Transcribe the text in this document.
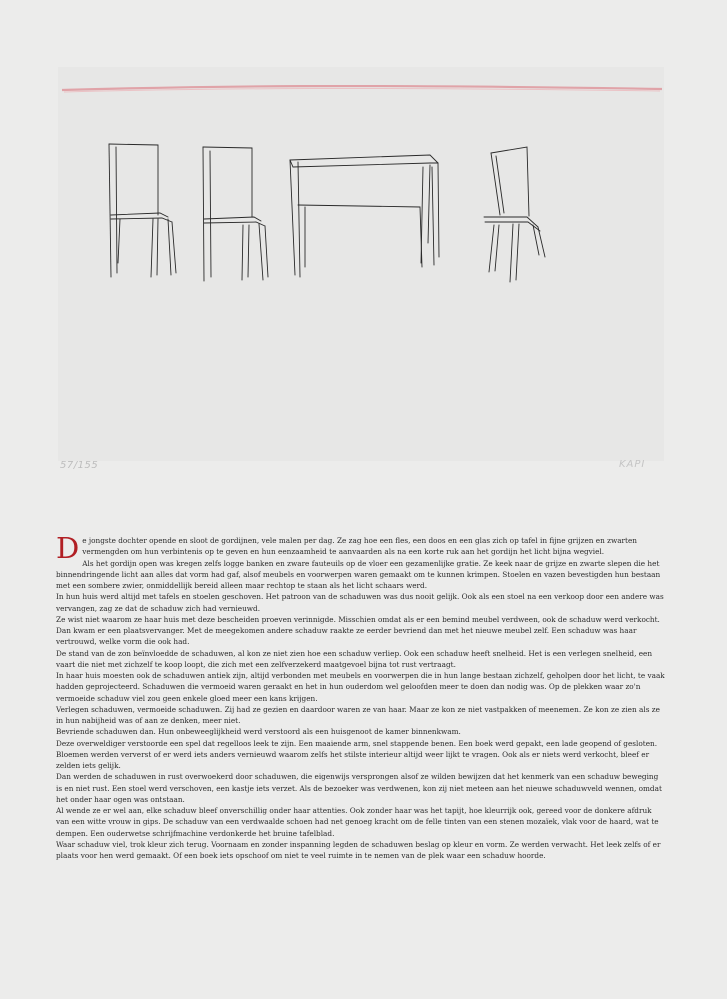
57/155	KAPI
D e jongste dochter opende en sloot de gordijnen, vele malen per dag. Ze zag hoe een fles, een doos en een glas zich op tafel in fijne grijzen en zwarten vermengden om hun verbintenis op te geven en hun eenzaamheid te aanvaarden als na een korte ruk aan het gordijn het licht bijna wegviel.

Als het gordijn open was kregen zelfs logge banken en zware fauteuils op de vloer een gezamenlijke gratie. Ze keek naar de grijze en zwarte slepen die het binnendringende licht aan alles dat vorm had gaf, alsof meubels en voorwerpen waren gemaakt om te kunnen krimpen. Stoelen en vazen bevestigden hun bestaan met een sombere zwier, onmiddellijk bereid alleen maar rechtop te staan als het licht schaars werd.

In hun huis werd altijd met tafels en stoelen geschoven. Het patroon van de schaduwen was dus nooit gelijk. Ook als een stoel na een verkoop door een andere was vervangen, zag ze dat de schaduw zich had vernieuwd.

Ze wist niet waarom ze haar huis met deze bescheiden proeven verinnigde. Misschien omdat als er een bemind meubel verdween, ook de schaduw werd verkocht. Dan kwam er een plaatsvervanger. Met de meegekomen andere schaduw raakte ze eerder bevriend dan met het nieuwe meubel zelf. Een schaduw was haar vertrouwd, welke vorm die ook had.

De stand van de zon beïnvloedde de schaduwen, al kon ze niet zien hoe een schaduw verliep. Ook een schaduw heeft snelheid. Het is een verlegen snelheid, een vaart die niet met zichzelf te koop loopt, die zich met een zelfverzekerd maatgevoel bijna tot rust vertraagt.

In haar huis moesten ook de schaduwen antiek zijn, altijd verbonden met meubels en voorwerpen die in hun lange bestaan zichzelf, geholpen door het licht, te vaak hadden geprojecteerd. Schaduwen die vermoeid waren geraakt en het in hun ouderdom wel geloofden meer te doen dan nodig was. Op de plekken waar zo'n vermoeide schaduw viel zou geen enkele gloed meer een kans krijgen.

Verlegen schaduwen, vermoeide schaduwen. Zij had ze gezien en daardoor waren ze van haar. Maar ze kon ze niet vastpakken of meenemen. Ze kon ze zien als ze in hun nabijheid was of aan ze denken, meer niet.

Bevriende schaduwen dan. Hun onbeweeglijkheid werd verstoord als een huisgenoot de kamer binnenkwam.

Deze overweldiger verstoorde een spel dat regelloos leek te zijn. Een maaiende arm, snel stappende benen. Een boek werd gepakt, een lade geopend of gesloten. Bloemen werden ververst of er werd iets anders vernieuwd waarom zelfs het stilste interieur altijd weer lijkt te vragen. Ook als er niets werd verkocht, bleef er zelden iets gelijk.

Dan werden de schaduwen in rust overwoekerd door schaduwen, die eigenwijs versprongen alsof ze wilden bewijzen dat het kenmerk van een schaduw beweging is en niet rust. Een stoel werd verschoven, een kastje iets verzet. Als de bezoeker was verdwenen, kon zij niet meteen aan het nieuwe schaduwveld wennen, omdat het onder haar ogen was ontstaan.

Al wende ze er wel aan, elke schaduw bleef onverschillig onder haar attenties. Ook zonder haar was het tapijt, hoe kleurrijk ook, gereed voor de donkere afdruk van een witte vrouw in gips. De schaduw van een verdwaalde schoen had net genoeg kracht om de felle tinten van een stenen mozaïek, vlak voor de haard, wat te dempen. Een ouderwetse schrijfmachine verdonkerde het bruine tafelblad.

Waar schaduw viel, trok kleur zich terug. Voornaam en zonder inspanning legden de schaduwen beslag op kleur en vorm. Ze werden verwacht. Het leek zelfs of er plaats voor hen werd gemaakt. Of een boek iets opschoof om niet te veel ruimte in te nemen van de plek waar een schaduw hoorde.
